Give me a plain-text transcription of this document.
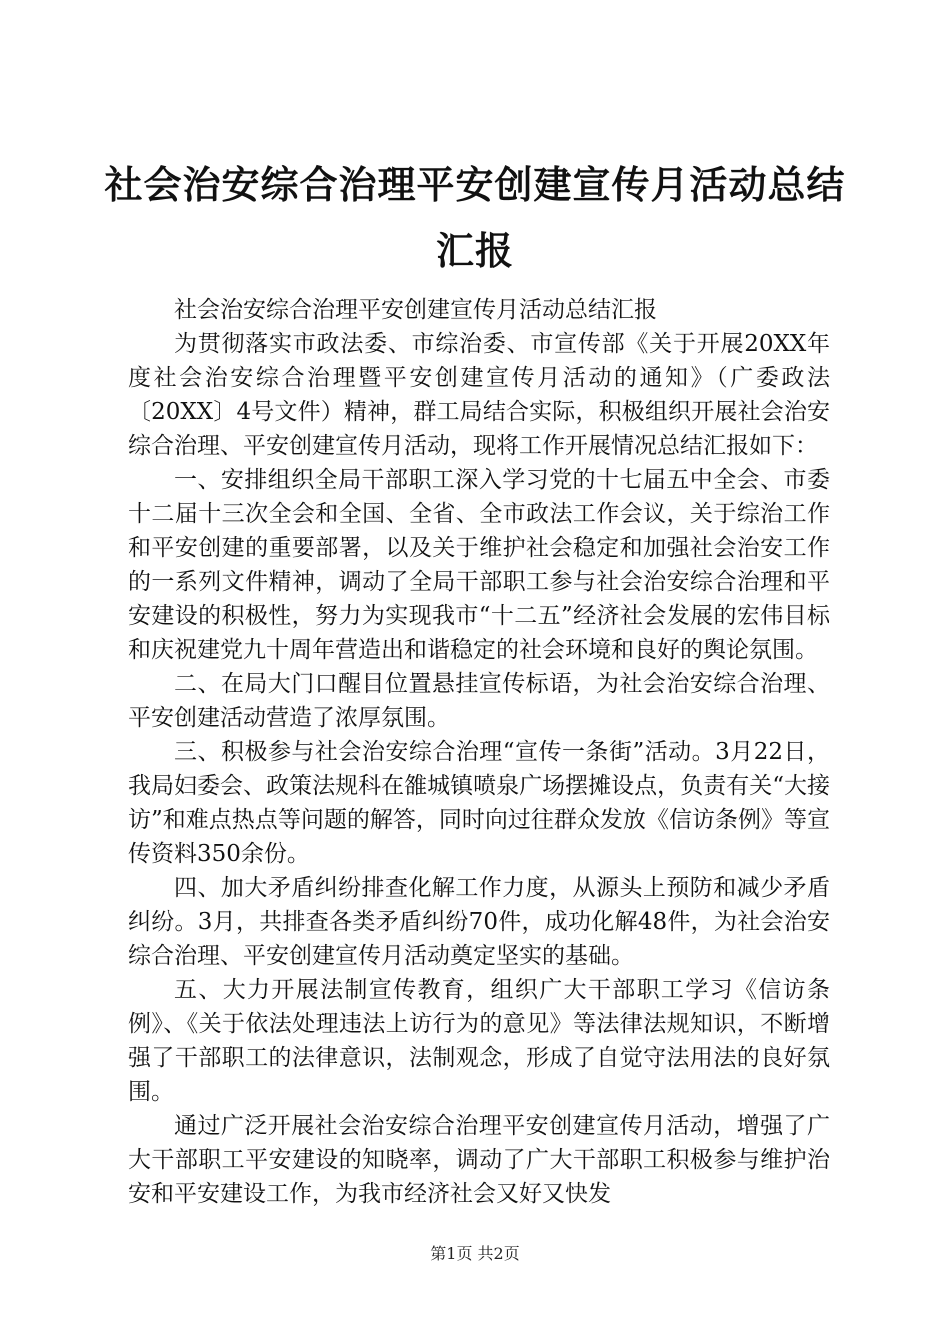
社会治安综合治理平安创建宣传月活动总结汇报

社会治安综合治理平安创建宣传月活动总结汇报

为贯彻落实市政法委、市综治委、市宣传部《关于开展20XX年度社会治安综合治理暨平安创建宣传月活动的通知》（广委政法〔20XX〕4号文件）精神，群工局结合实际，积极组织开展社会治安综合治理、平安创建宣传月活动，现将工作开展情况总结汇报如下：

一、安排组织全局干部职工深入学习党的十七届五中全会、市委十二届十三次全会和全国、全省、全市政法工作会议，关于综治工作和平安创建的重要部署，以及关于维护社会稳定和加强社会治安工作的一系列文件精神，调动了全局干部职工参与社会治安综合治理和平安建设的积极性，努力为实现我市“十二五”经济社会发展的宏伟目标和庆祝建党九十周年营造出和谐稳定的社会环境和良好的舆论氛围。

二、在局大门口醒目位置悬挂宣传标语，为社会治安综合治理、平安创建活动营造了浓厚氛围。

三、积极参与社会治安综合治理“宣传一条街”活动。3月22日，我局妇委会、政策法规科在雒城镇喷泉广场摆摊设点，负责有关“大接访”和难点热点等问题的解答，同时向过往群众发放《信访条例》等宣传资料350余份。

四、加大矛盾纠纷排查化解工作力度，从源头上预防和减少矛盾纠纷。3月，共排查各类矛盾纠纷70件，成功化解48件，为社会治安综合治理、平安创建宣传月活动奠定坚实的基础。

五、大力开展法制宣传教育，组织广大干部职工学习《信访条例》、《关于依法处理违法上访行为的意见》等法律法规知识，不断增强了干部职工的法律意识，法制观念，形成了自觉守法用法的良好氛围。

通过广泛开展社会治安综合治理平安创建宣传月活动，增强了广大干部职工平安建设的知晓率，调动了广大干部职工积极参与维护治安和平安建设工作，为我市经济社会又好又快发

第1页 共2页
